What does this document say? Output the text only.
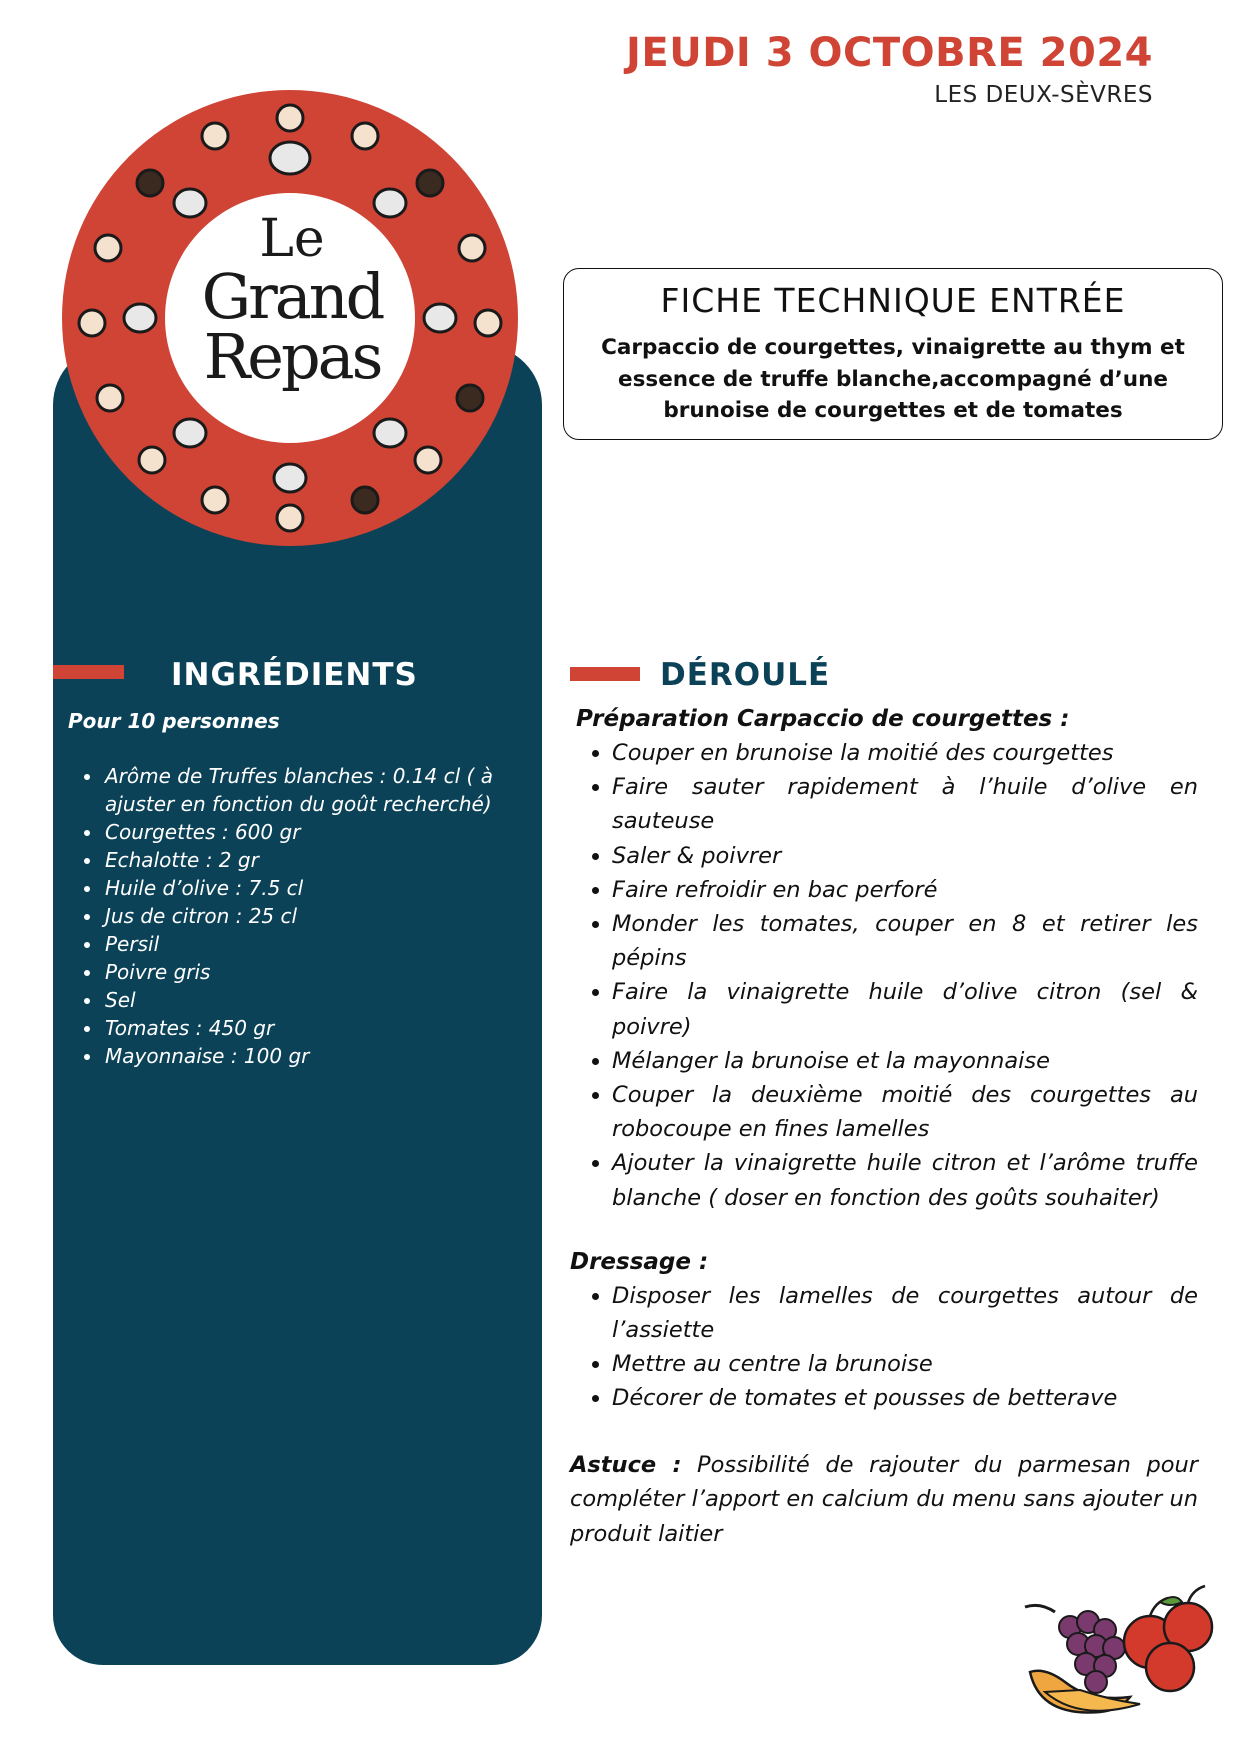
JEUDI 3 OCTOBRE 2024
LES DEUX-SÈVRES
Le
Grand
Repas
FICHE TECHNIQUE ENTRÉE
Carpaccio de courgettes, vinaigrette au thym et
essence de truffe blanche,accompagné d’une
brunoise de courgettes et de tomates
INGRÉDIENTS
Pour 10 personnes
• Arôme de Truffes blanches : 0.14 cl ( à ajuster en fonction du goût recherché)
• Courgettes : 600 gr
• Echalotte : 2 gr
• Huile d’olive : 7.5 cl
• Jus de citron : 25 cl
• Persil
• Poivre gris
• Sel
• Tomates : 450 gr
• Mayonnaise : 100 gr
DÉROULÉ
Préparation Carpaccio de courgettes :
• Couper en brunoise la moitié des courgettes
• Faire sauter rapidement à l’huile d’olive en sauteuse
• Saler & poivrer
• Faire refroidir en bac perforé
• Monder les tomates, couper en 8 et retirer les pépins
• Faire la vinaigrette huile d’olive citron (sel & poivre)
• Mélanger la brunoise et la mayonnaise
• Couper la deuxième moitié des courgettes au robocoupe en fines lamelles
• Ajouter la vinaigrette huile citron et l’arôme truffe blanche ( doser en fonction des goûts souhaiter)
Dressage :
• Disposer les lamelles de courgettes autour de l’assiette
• Mettre au centre la brunoise
• Décorer de tomates et pousses de betterave
Astuce : Possibilité de rajouter du parmesan pour compléter l’apport en calcium du menu sans ajouter un produit laitier
